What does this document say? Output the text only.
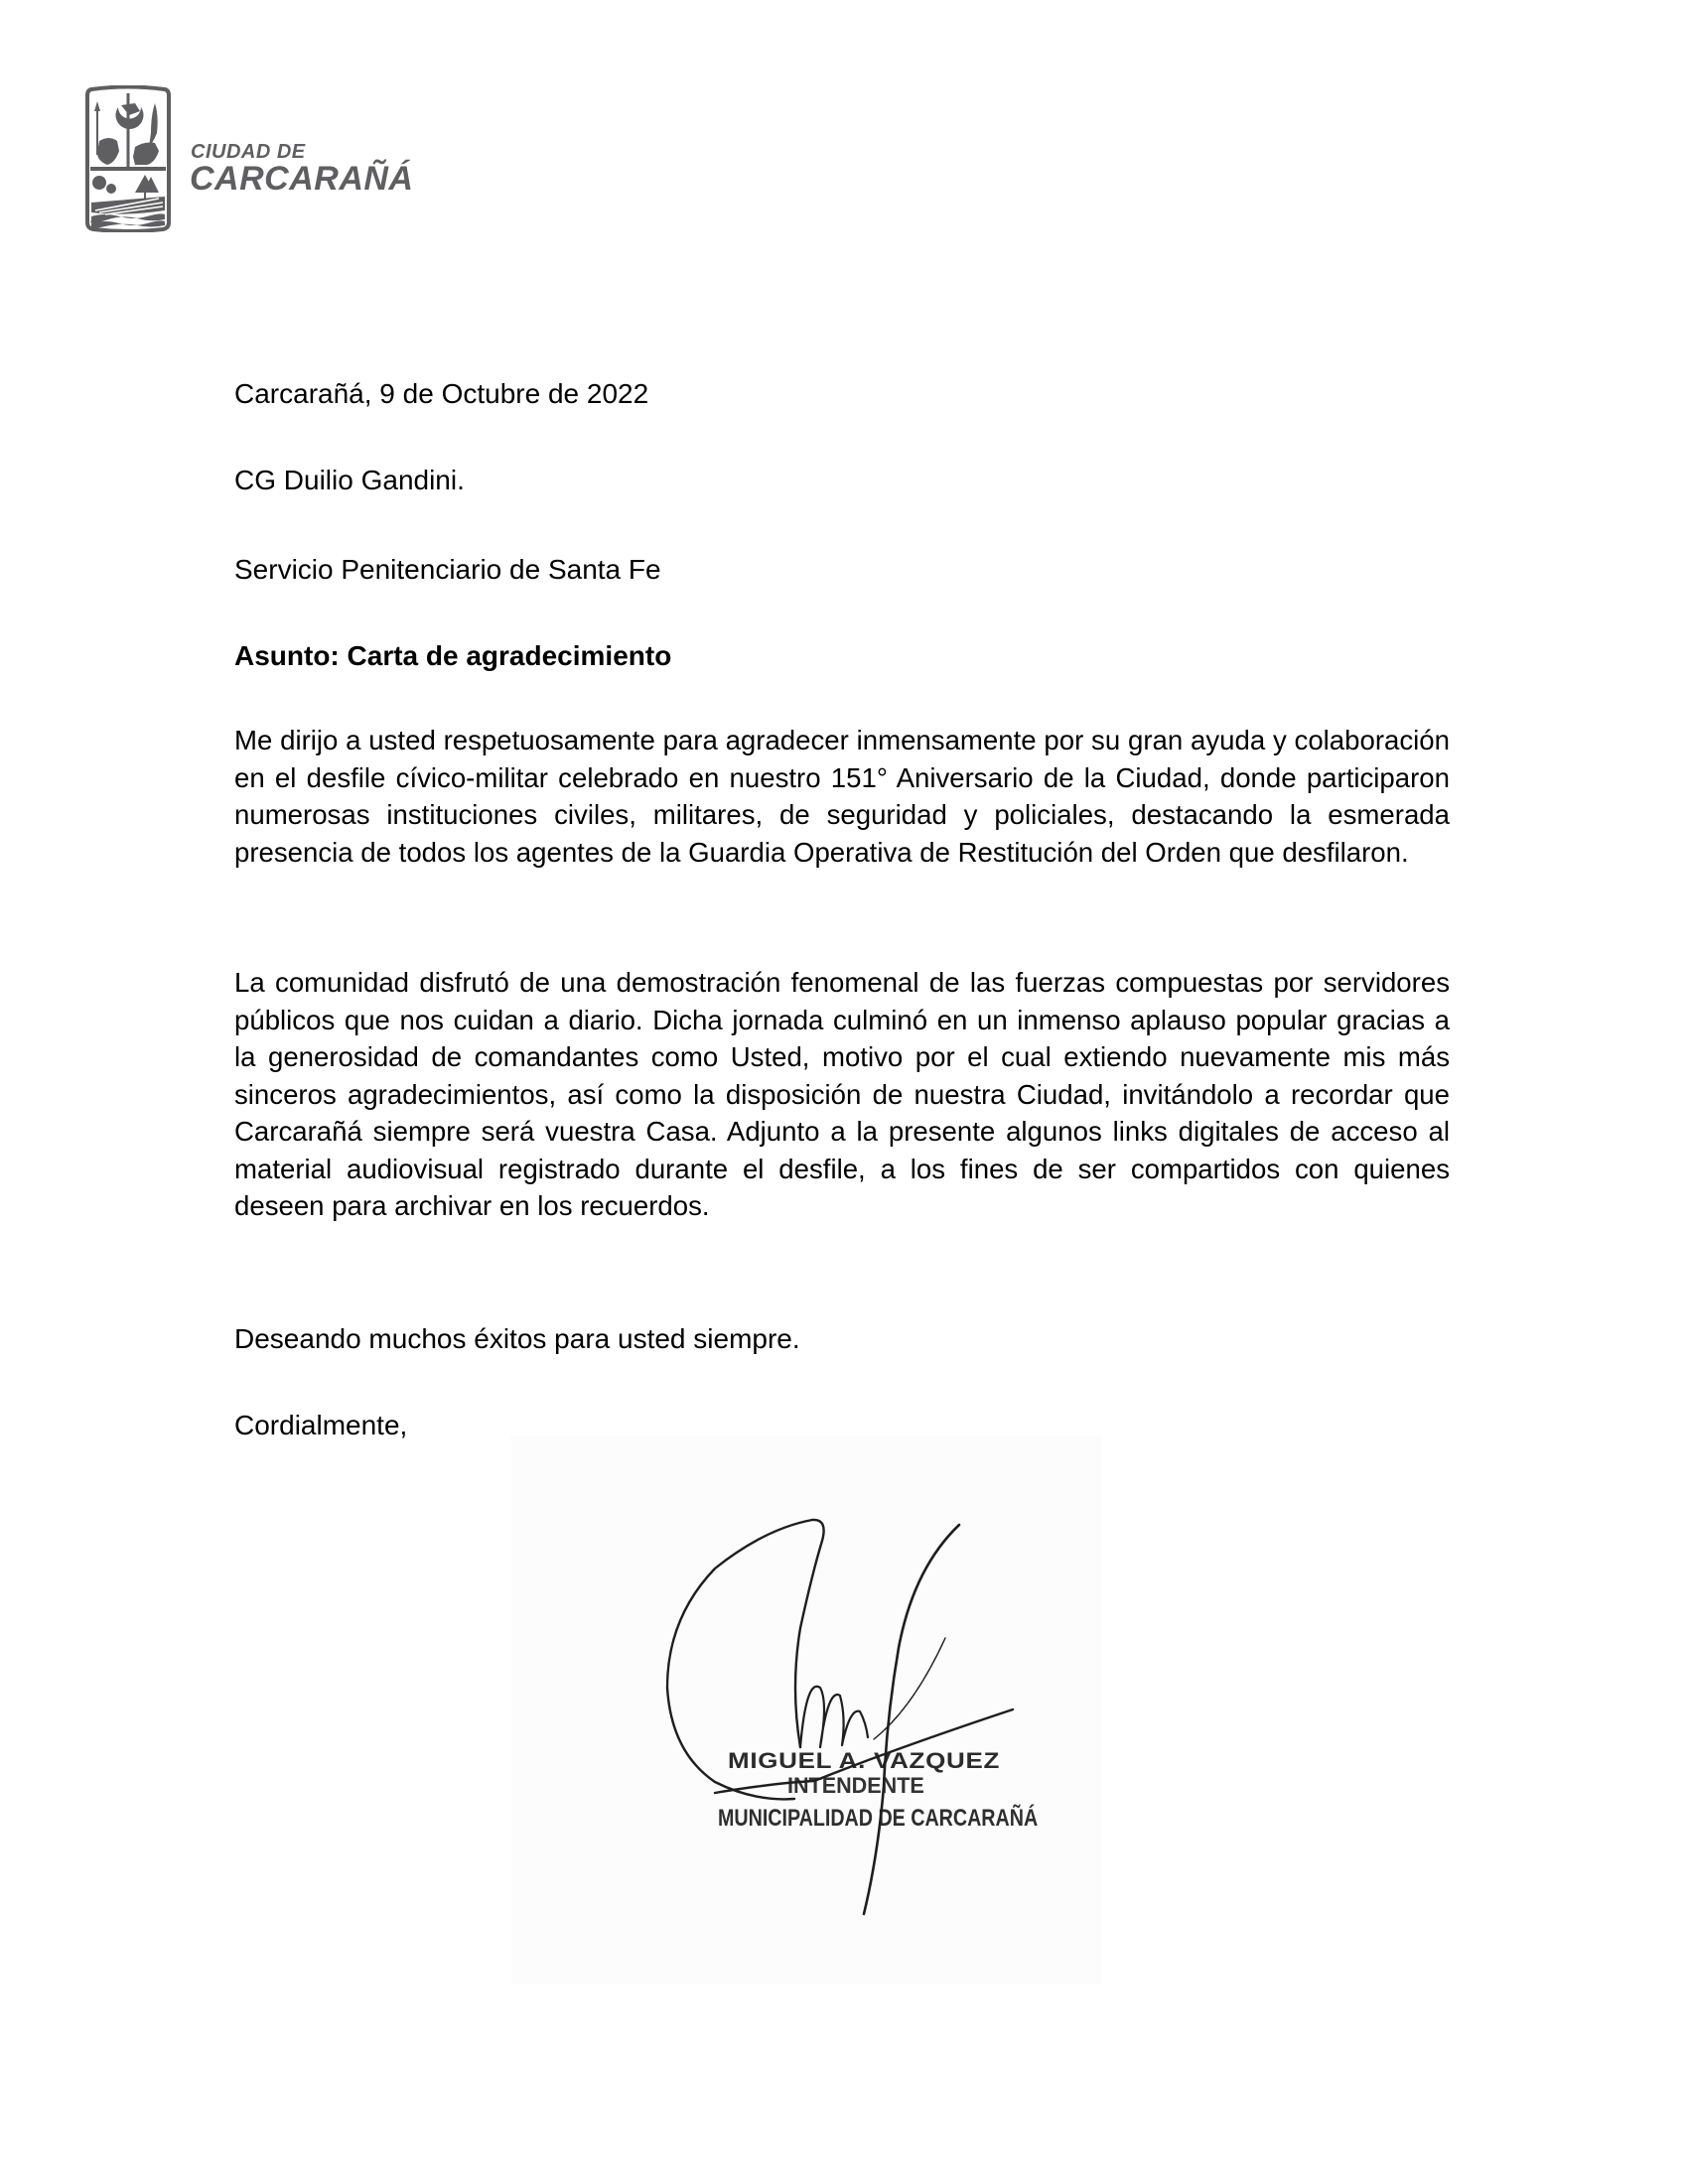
CIUDAD DE
CARCARAÑÁ
Carcarañá, 9 de Octubre de 2022
CG Duilio Gandini.
Servicio Penitenciario de Santa Fe
Asunto: Carta de agradecimiento

Me dirijo a usted respetuosamente para agradecer inmensamente por su gran ayuda y colaboración en el desfile cívico-militar celebrado en nuestro 151° Aniversario de la Ciudad, donde participaron numerosas instituciones civiles, militares, de seguridad y policiales, destacando la esmerada presencia de todos los agentes de la Guardia Operativa de Restitución del Orden que desfilaron.

La comunidad disfrutó de una demostración fenomenal de las fuerzas compuestas por servidores públicos que nos cuidan a diario. Dicha jornada culminó en un inmenso aplauso popular gracias a la generosidad de comandantes como Usted, motivo por el cual extiendo nuevamente mis más sinceros agradecimientos, así como la disposición de nuestra Ciudad, invitándolo a recordar que Carcarañá siempre será vuestra Casa. Adjunto a la presente algunos links digitales de acceso al material audiovisual registrado durante el desfile, a los fines de ser compartidos con quienes deseen para archivar en los recuerdos.

Deseando muchos éxitos para usted siempre.
Cordialmente,
MIGUEL A. VAZQUEZ
INTENDENTE
MUNICIPALIDAD DE CARCARAÑÁ
